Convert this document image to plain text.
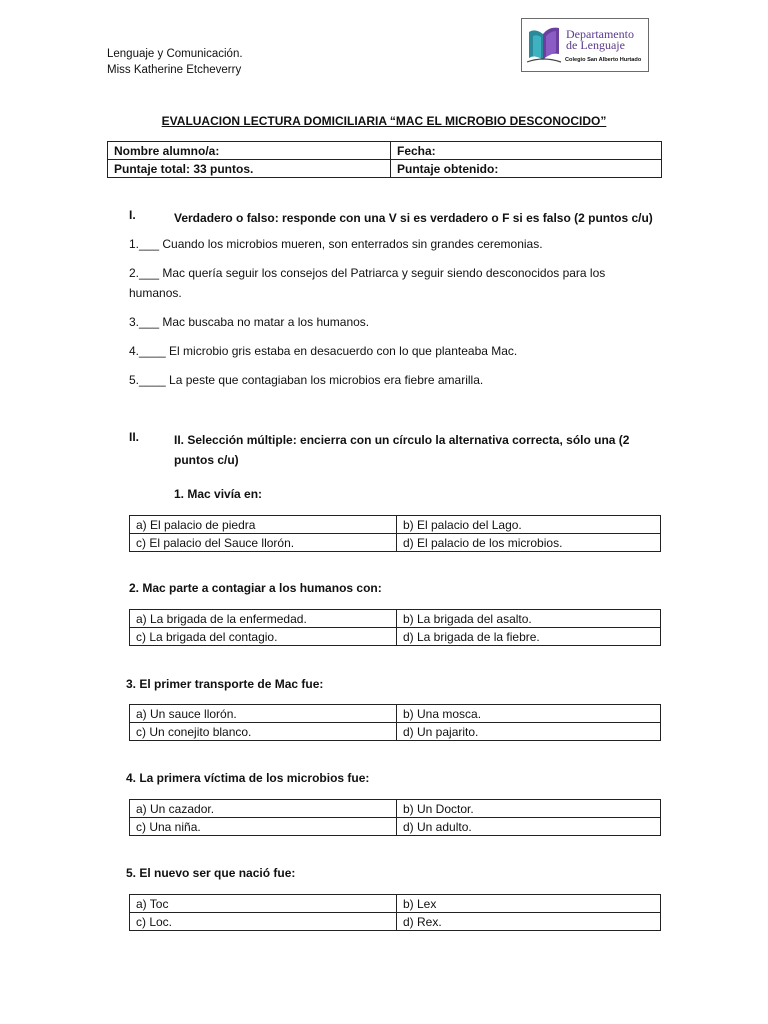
Lenguaje y Comunicación.
Miss Katherine Etcheverry
Departamento de Lenguaje
Colegio San Alberto Hurtado
EVALUACION LECTURA DOMICILIARIA “MAC EL MICROBIO DESCONOCIDO”
Nombre alumno/a:	Fecha:
Puntaje total: 33 puntos.	Puntaje obtenido:
I.	Verdadero o falso: responde con una V si es verdadero o F si es falso (2 puntos c/u)
1.___ Cuando los microbios mueren, son enterrados sin grandes ceremonias.
2.___ Mac quería seguir los consejos del Patriarca y seguir siendo desconocidos para los humanos.
3.___ Mac buscaba no matar a los humanos.
4.____ El microbio gris estaba en desacuerdo con lo que planteaba Mac.
5.____ La peste que contagiaban los microbios era fiebre amarilla.
II.	II. Selección múltiple: encierra con un círculo la alternativa correcta, sólo una (2 puntos c/u)
1. Mac vivía en:
a) El palacio de piedra	b) El palacio del Lago.
c) El palacio del Sauce llorón.	d) El palacio de los microbios.
2. Mac parte a contagiar a los humanos con:
a) La brigada de la enfermedad.	b) La brigada del asalto.
c) La brigada del contagio.	d) La brigada de la fiebre.
3. El primer transporte de Mac fue:
a) Un sauce llorón.	b) Una mosca.
c) Un conejito blanco.	d) Un pajarito.
4. La primera víctima de los microbios fue:
a) Un cazador.	b) Un Doctor.
c) Una niña.	d) Un adulto.
5. El nuevo ser que nació fue:
a) Toc	b) Lex
c) Loc.	d) Rex.
